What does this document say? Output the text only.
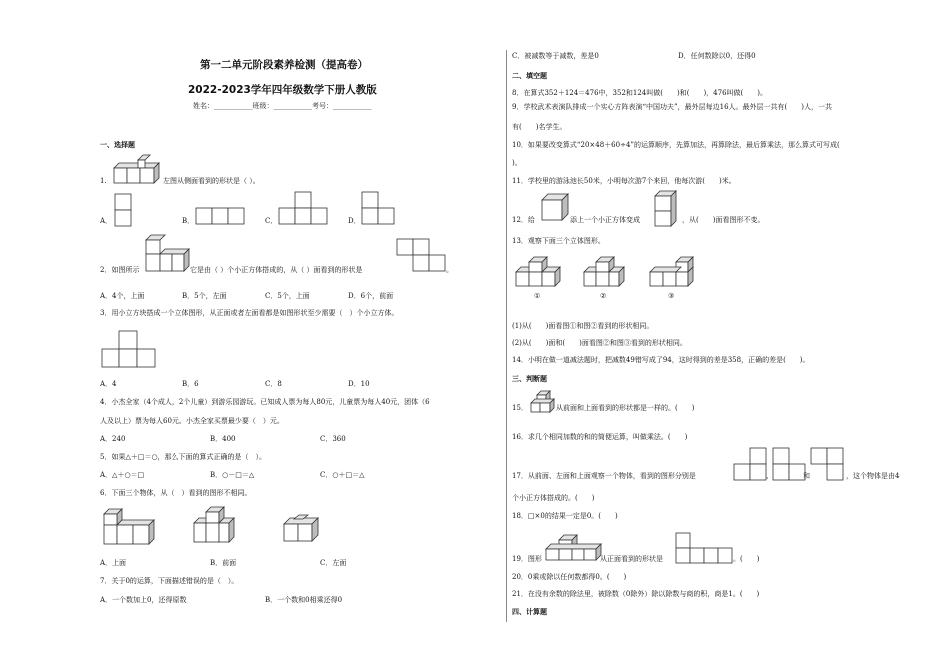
第一二单元阶段素养检测（提高卷）
2022-2023学年四年级数学下册人教版
姓名：___________班级：___________考号：___________
一、选择题
1.	左图从侧面看到的形状是（ ）。
A．	B．	C．	D．
2．如图所示	它是由（ ）个小正方体搭成的，从（ ）面看到的形状是	。
A．4个，上面	B．5个，左面	C．5个，上面	D．6个，前面
3．用小立方块搭成一个立体图形，从正面或者左面看都是如图形状至少需要（　）个小立方体。
A．4	B．6	C．8	D．10
4．小杰全家（4个成人，2个儿童）到游乐园游玩。已知成人票为每人80元，儿童票为每人40元，团体（6
人及以上）票为每人60元。小杰全家买票最少要（　）元。
A．240	B．400	C．360
5．如果△＋□＝○，那么下面的算式正确的是（　）。
A．△＋○＝□	B．○－□＝△	C．○＋□＝△
6．下面三个物体，从（　）看到的图形不相同。
A．上面	B．前面	C．左面
7．关于0的运算，下面描述错误的是（　）。
A．一个数加上0，还得原数	B．一个数和0相乘还得0
C．被减数等于减数，差是0	D．任何数除以0，还得0
二、填空题
8．在算式352＋124＝476中，352和124叫做(　　)和(　　)，476叫做(　　)。
9．学校武术表演队排成一个实心方阵表演“中国功夫”，最外层每边16人。最外层一共有(　　)人，一共
有(　　)名学生。
10．如果要改变算式“20×48＋60÷4”的运算顺序，先算加法，再算除法，最后算乘法，那么算式可写成(
)。
11．学校里的游泳池长50米，小明每次游7个来回，他每次游(　　)米。
12．给	添上一个小正方体变成	，从(　　)面看图形不变。
13．观察下面三个立体图形。
①	②	③
(1)从(　　)面看图①和图②看到的形状相同。
(2)从(　　)面和(　　)面看图②和图③看到的形状相同。
14．小明在做一道减法题时，把减数49错写成了94，这时得到的差是358，正确的差是(　　)。
三、判断题
15．	从前面和上面看到的形状都是一样的。(　　)
16．求几个相同加数的和的简便运算，叫做乘法。(　　)
17．从前面、左面和上面观察一个物体，看到的图形分别是	、	和	，这个物体是由4
个小正方体搭成的。(　　)
18．□×0的结果一定是0。(　　)
19．图形	从正面看到的形状是	。(　　)
20．0乘或除以任何数都得0。(　　)
21．在没有余数的除法里，被除数（0除外）除以除数与商的积，商是1。(　　)
四、计算题
